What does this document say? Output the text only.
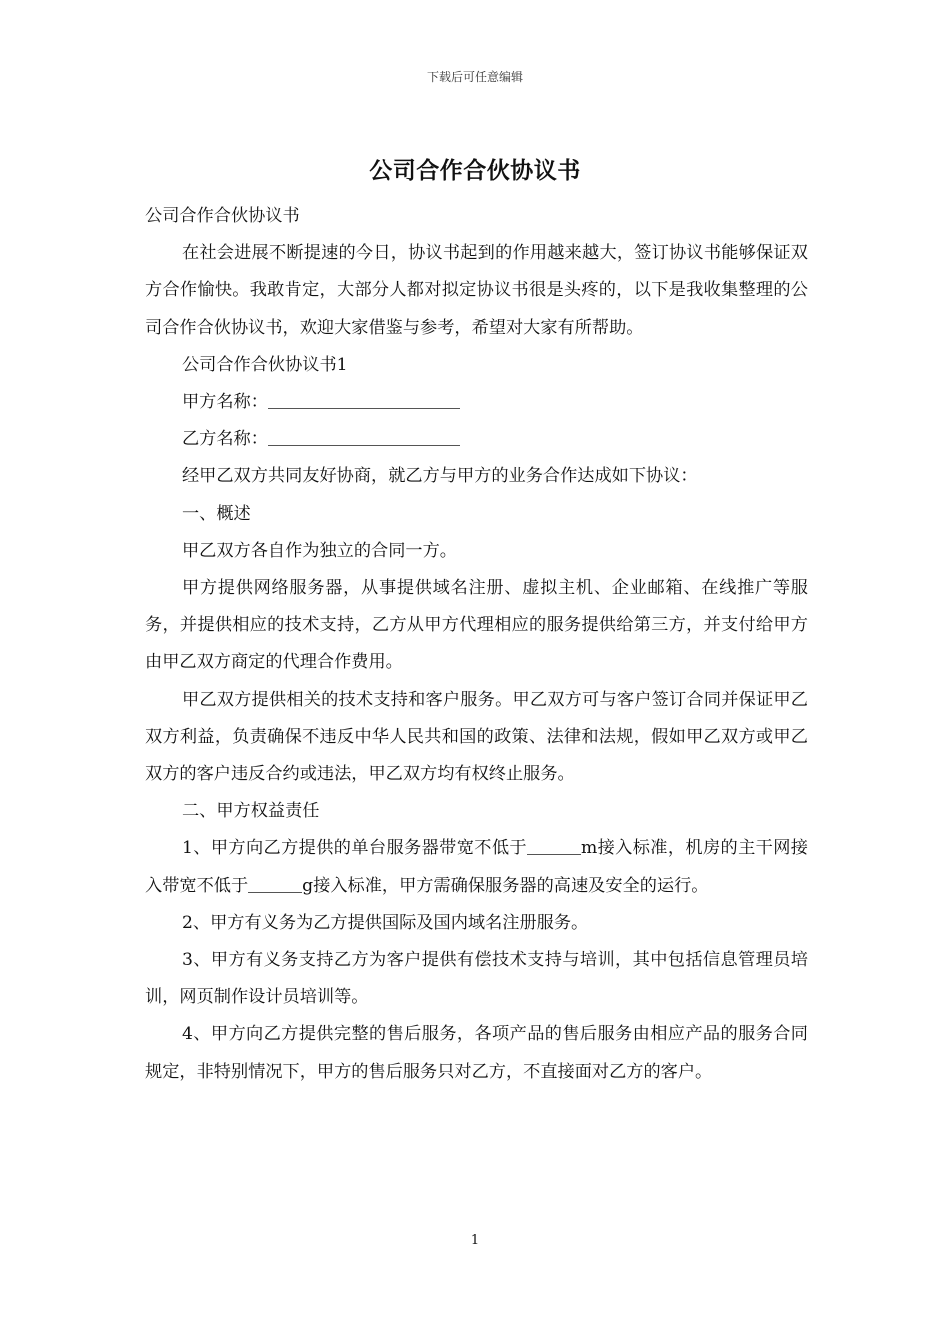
下载后可任意编辑
公司合作合伙协议书

公司合作合伙协议书

在社会进展不断提速的今日，协议书起到的作用越来越大，签订协议书能够保证双方合作愉快。我敢肯定，大部分人都对拟定协议书很是头疼的，以下是我收集整理的公司合作合伙协议书，欢迎大家借鉴与参考，希望对大家有所帮助。

公司合作合伙协议书1

甲方名称：

乙方名称：

经甲乙双方共同友好协商，就乙方与甲方的业务合作达成如下协议：

一、概述

甲乙双方各自作为独立的合同一方。

甲方提供网络服务器，从事提供域名注册、虚拟主机、企业邮箱、在线推广等服务，并提供相应的技术支持，乙方从甲方代理相应的服务提供给第三方，并支付给甲方由甲乙双方商定的代理合作费用。

甲乙双方提供相关的技术支持和客户服务。甲乙双方可与客户签订合同并保证甲乙双方利益，负责确保不违反中华人民共和国的政策、法律和法规，假如甲乙双方或甲乙双方的客户违反合约或违法，甲乙双方均有权终止服务。

二、甲方权益责任

1、甲方向乙方提供的单台服务器带宽不低于	m接入标准，机房的主干网接入带宽不低于	g接入标准，甲方需确保服务器的高速及安全的运行。

2、甲方有义务为乙方提供国际及国内域名注册服务。

3、甲方有义务支持乙方为客户提供有偿技术支持与培训，其中包括信息管理员培训，网页制作设计员培训等。

4、甲方向乙方提供完整的售后服务，各项产品的售后服务由相应产品的服务合同规定，非特别情况下，甲方的售后服务只对乙方，不直接面对乙方的客户。

1
